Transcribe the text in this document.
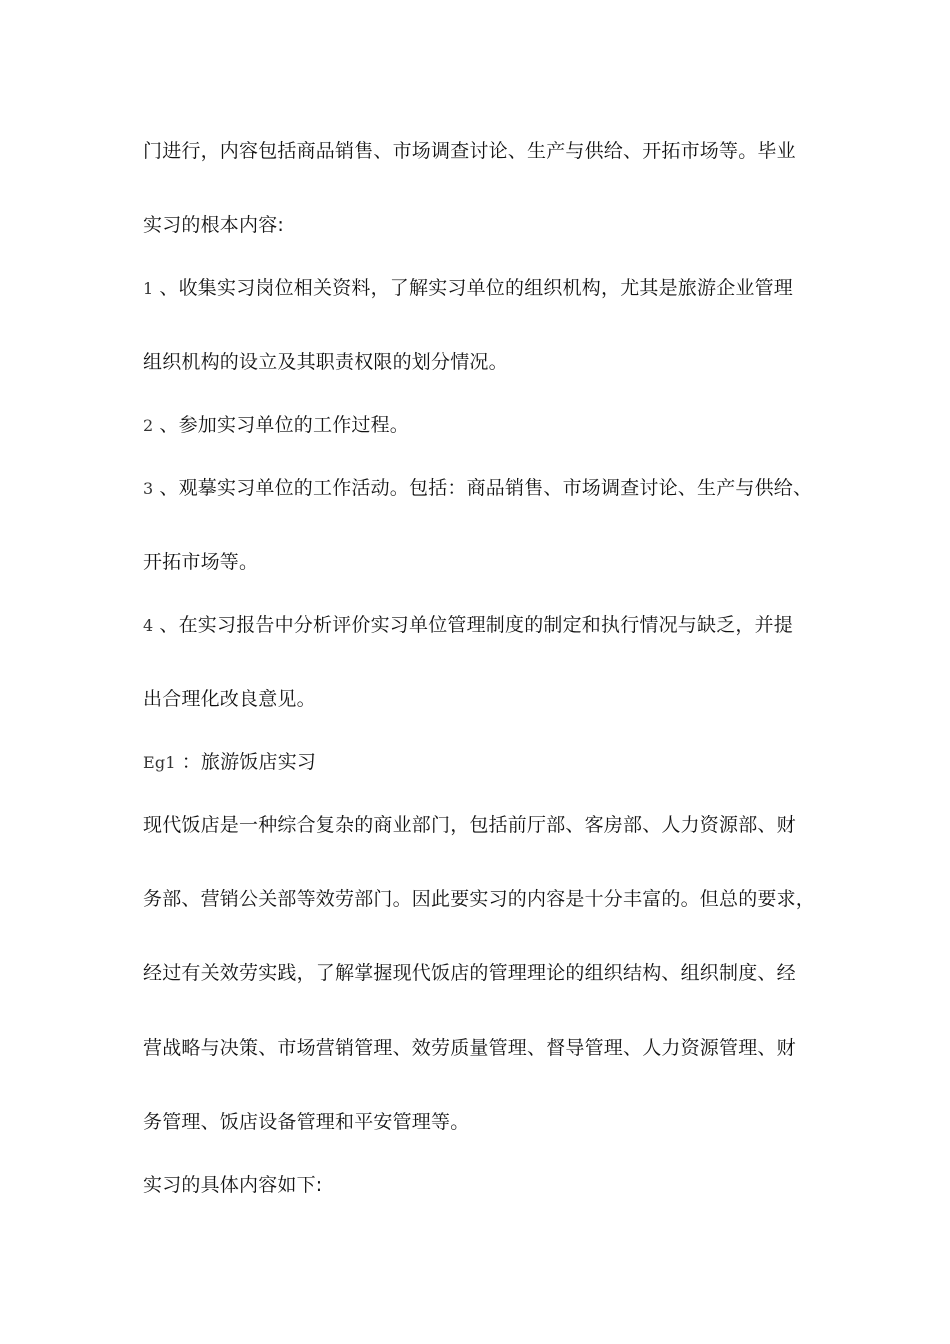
门进行，内容包括商品销售、市场调查讨论、生产与供给、开拓市场等。毕业
实习的根本内容:
1 、收集实习岗位相关资料，了解实习单位的组织机构，尤其是旅游企业管理
组织机构的设立及其职责权限的划分情况。
2 、参加实习单位的工作过程。
3 、观摹实习单位的工作活动。包括：商品销售、市场调查讨论、生产与供给、
开拓市场等。
4 、在实习报告中分析评价实习单位管理制度的制定和执行情况与缺乏，并提
出合理化改良意见。
Eg1 ：旅游饭店实习
现代饭店是一种综合复杂的商业部门，包括前厅部、客房部、人力资源部、财
务部、营销公关部等效劳部门。因此要实习的内容是十分丰富的。但总的要求，
经过有关效劳实践，了解掌握现代饭店的管理理论的组织结构、组织制度、经
营战略与决策、市场营销管理、效劳质量管理、督导管理、人力资源管理、财
务管理、饭店设备管理和平安管理等。
实习的具体内容如下:
